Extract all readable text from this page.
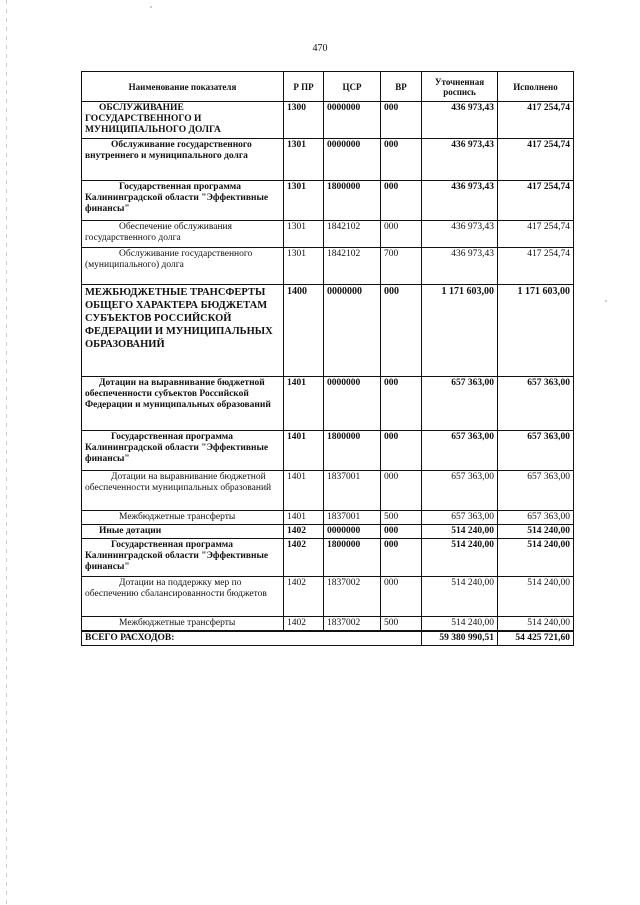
470
Наименование показателя	Р ПР	ЦСР	ВР	Уточненная роспись	Исполнено
ОБСЛУЖИВАНИЕ ГОСУДАРСТВЕННОГО И МУНИЦИПАЛЬНОГО ДОЛГА	1300	0000000	000	436 973,43	417 254,74
Обслуживание государственного внутреннего и муниципального долга	1301	0000000	000	436 973,43	417 254,74
Государственная программа Калининградской области "Эффективные финансы"	1301	1800000	000	436 973,43	417 254,74
Обеспечение обслуживания государственного долга	1301	1842102	000	436 973,43	417 254,74
Обслуживание государственного (муниципального) долга	1301	1842102	700	436 973,43	417 254,74
МЕЖБЮДЖЕТНЫЕ ТРАНСФЕРТЫ ОБЩЕГО ХАРАКТЕРА БЮДЖЕТАМ СУБЪЕКТОВ РОССИЙСКОЙ ФЕДЕРАЦИИ И МУНИЦИПАЛЬНЫХ ОБРАЗОВАНИЙ	1400	0000000	000	1 171 603,00	1 171 603,00
Дотации на выравнивание бюджетной обеспеченности субъектов Российской Федерации и муниципальных образований	1401	0000000	000	657 363,00	657 363,00
Государственная программа Калининградской области "Эффективные финансы"	1401	1800000	000	657 363,00	657 363,00
Дотации на выравнивание бюджетной обеспеченности муниципальных образований	1401	1837001	000	657 363,00	657 363,00
Межбюджетные трансферты	1401	1837001	500	657 363,00	657 363,00
Иные дотации	1402	0000000	000	514 240,00	514 240,00
Государственная программа Калининградской области "Эффективные финансы"	1402	1800000	000	514 240,00	514 240,00
Дотации на поддержку мер по обеспечению сбалансированности бюджетов	1402	1837002	000	514 240,00	514 240,00
Межбюджетные трансферты	1402	1837002	500	514 240,00	514 240,00
ВСЕГО РАСХОДОВ:				59 380 990,51	54 425 721,60
